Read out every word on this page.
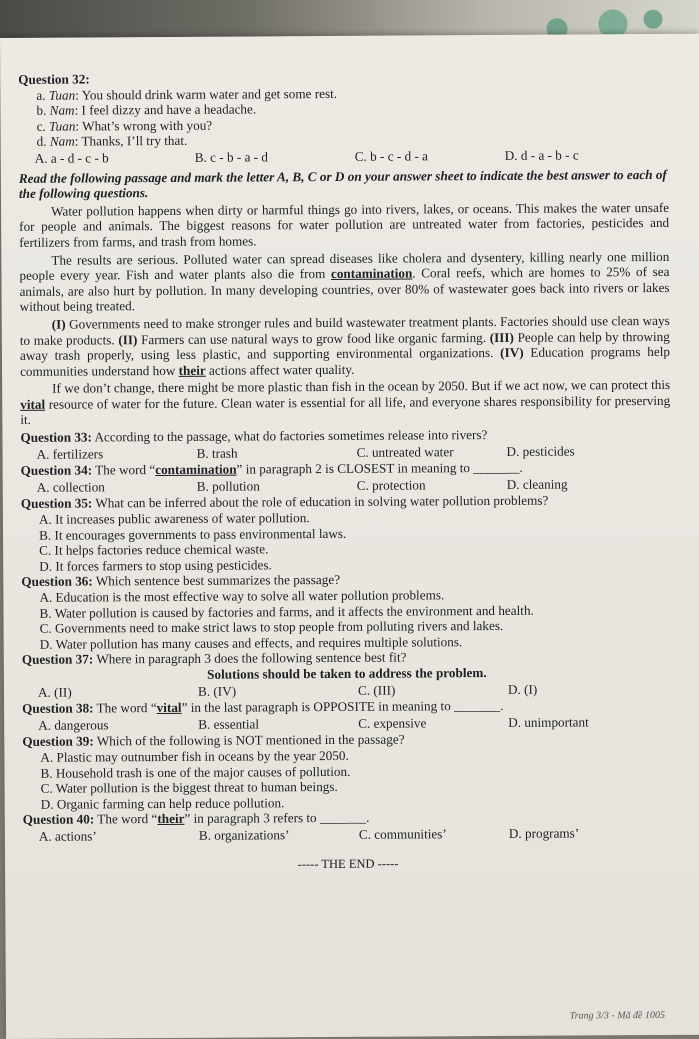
Question 32:
a. Tuan: You should drink warm water and get some rest.
b. Nam: I feel dizzy and have a headache.
c. Tuan: What’s wrong with you?
d. Nam: Thanks, I’ll try that.
A. a - d - c - b	B. c - b - a - d	C. b - c - d - a	D. d - a - b - c
Read the following passage and mark the letter A, B, C or D on your answer sheet to indicate the best answer to each of the following questions.

Water pollution happens when dirty or harmful things go into rivers, lakes, or oceans. This makes the water unsafe for people and animals. The biggest reasons for water pollution are untreated water from factories, pesticides and fertilizers from farms, and trash from homes.

The results are serious. Polluted water can spread diseases like cholera and dysentery, killing nearly one million people every year. Fish and water plants also die from contamination. Coral reefs, which are homes to 25% of sea animals, are also hurt by pollution. In many developing countries, over 80% of wastewater goes back into rivers or lakes without being treated.

(I) Governments need to make stronger rules and build wastewater treatment plants. Factories should use clean ways to make products. (II) Farmers can use natural ways to grow food like organic farming. (III) People can help by throwing away trash properly, using less plastic, and supporting environmental organizations. (IV) Education programs help communities understand how their actions affect water quality.

If we don’t change, there might be more plastic than fish in the ocean by 2050. But if we act now, we can protect this vital resource of water for the future. Clean water is essential for all life, and everyone shares responsibility for preserving it.

Question 33: According to the passage, what do factories sometimes release into rivers?
A. fertilizers	B. trash	C. untreated water	D. pesticides
Question 34: The word “contamination” in paragraph 2 is CLOSEST in meaning to _______.
A. collection	B. pollution	C. protection	D. cleaning
Question 35: What can be inferred about the role of education in solving water pollution problems?
A. It increases public awareness of water pollution.
B. It encourages governments to pass environmental laws.
C. It helps factories reduce chemical waste.
D. It forces farmers to stop using pesticides.
Question 36: Which sentence best summarizes the passage?
A. Education is the most effective way to solve all water pollution problems.
B. Water pollution is caused by factories and farms, and it affects the environment and health.
C. Governments need to make strict laws to stop people from polluting rivers and lakes.
D. Water pollution has many causes and effects, and requires multiple solutions.
Question 37: Where in paragraph 3 does the following sentence best fit?
Solutions should be taken to address the problem.
A. (II)	B. (IV)	C. (III)	D. (I)
Question 38: The word “vital” in the last paragraph is OPPOSITE in meaning to _______.
A. dangerous	B. essential	C. expensive	D. unimportant
Question 39: Which of the following is NOT mentioned in the passage?
A. Plastic may outnumber fish in oceans by the year 2050.
B. Household trash is one of the major causes of pollution.
C. Water pollution is the biggest threat to human beings.
D. Organic farming can help reduce pollution.
Question 40: The word “their” in paragraph 3 refers to _______.
A. actions’	B. organizations’	C. communities’	D. programs’
----- THE END -----
Trang 3/3 - Mã đề 1005
